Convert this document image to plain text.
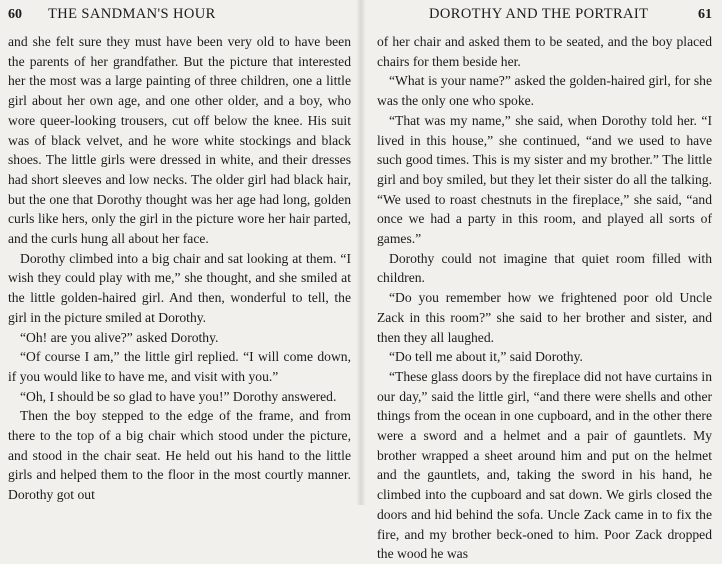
60 THE SANDMAN'S HOUR

and she felt sure they must have been very old to have been the parents of her grandfather. But the picture that interested her the most was a large painting of three children, one a little girl about her own age, and one other older, and a boy, who wore queer-looking trousers, cut off below the knee. His suit was of black velvet, and he wore white stockings and black shoes. The little girls were dressed in white, and their dresses had short sleeves and low necks. The older girl had black hair, but the one that Dorothy thought was her age had long, golden curls like hers, only the girl in the picture wore her hair parted, and the curls hung all about her face.

Dorothy climbed into a big chair and sat looking at them. “I wish they could play with me,” she thought, and she smiled at the little golden-haired girl. And then, wonderful to tell, the girl in the picture smiled at Dorothy.

“Oh! are you alive?” asked Dorothy.

“Of course I am,” the little girl replied. “I will come down, if you would like to have me, and visit with you.”

“Oh, I should be so glad to have you!” Dorothy answered.

Then the boy stepped to the edge of the frame, and from there to the top of a big chair which stood under the picture, and stood in the chair seat. He held out his hand to the little girls and helped them to the floor in the most courtly manner. Dorothy got out

DOROTHY AND THE PORTRAIT	61

of her chair and asked them to be seated, and the boy placed chairs for them beside her.

“What is your name?” asked the golden-haired girl, for she was the only one who spoke.

“That was my name,” she said, when Dorothy told her. “I lived in this house,” she continued, “and we used to have such good times. This is my sister and my brother.” The little girl and boy smiled, but they let their sister do all the talking. “We used to roast chestnuts in the fireplace,” she said, “and once we had a party in this room, and played all sorts of games.”

Dorothy could not imagine that quiet room filled with children.

“Do you remember how we frightened poor old Uncle Zack in this room?” she said to her brother and sister, and then they all laughed.

“Do tell me about it,” said Dorothy.

“These glass doors by the fireplace did not have curtains in our day,” said the little girl, “and there were shells and other things from the ocean in one cupboard, and in the other there were a sword and a helmet and a pair of gauntlets. My brother wrapped a sheet around him and put on the helmet and the gauntlets, and, taking the sword in his hand, he climbed into the cupboard and sat down. We girls closed the doors and hid behind the sofa. Uncle Zack came in to fix the fire, and my brother beck-oned to him. Poor Zack dropped the wood he was
